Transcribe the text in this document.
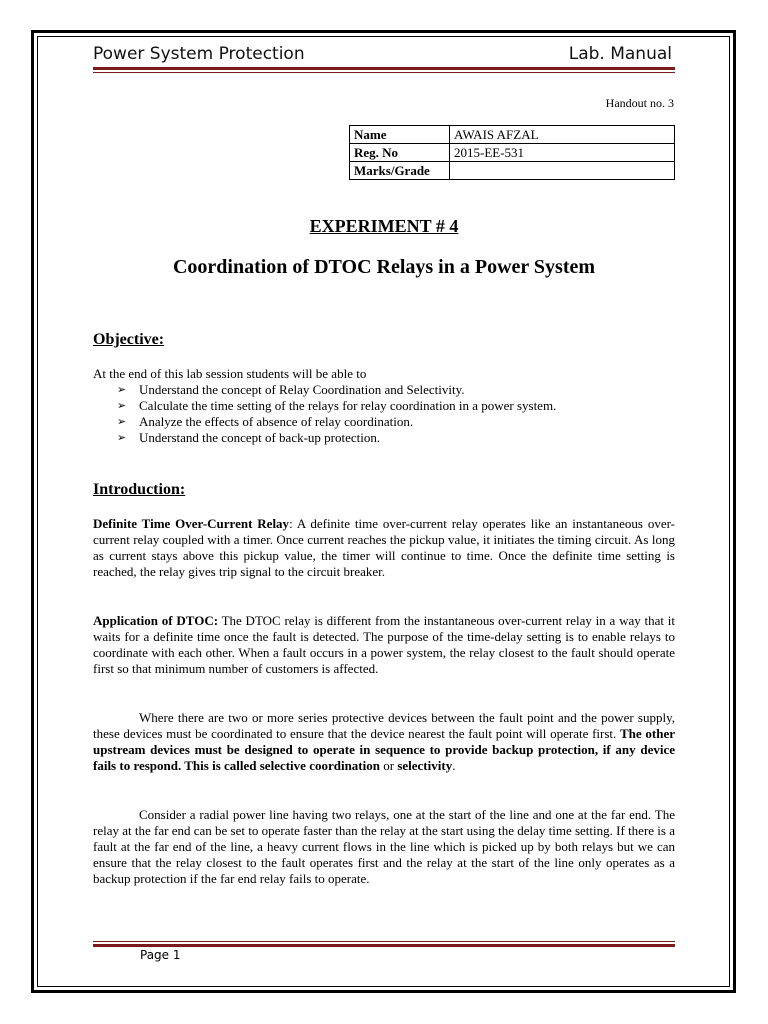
Power System Protection	Lab. Manual
Handout no. 3
Name	AWAIS AFZAL
Reg. No	2015-EE-531
Marks/Grade	
EXPERIMENT # 4
Coordination of DTOC Relays in a Power System
Objective:
At the end of this lab session students will be able to
➢ Understand the concept of Relay Coordination and Selectivity.
➢ Calculate the time setting of the relays for relay coordination in a power system.
➢ Analyze the effects of absence of relay coordination.
➢ Understand the concept of back-up protection.
Introduction:
Definite Time Over-Current Relay: A definite time over-current relay operates like an instantaneous over-current relay coupled with a timer. Once current reaches the pickup value, it initiates the timing circuit. As long as current stays above this pickup value, the timer will continue to time. Once the definite time setting is reached, the relay gives trip signal to the circuit breaker.
Application of DTOC: The DTOC relay is different from the instantaneous over-current relay in a way that it waits for a definite time once the fault is detected. The purpose of the time-delay setting is to enable relays to coordinate with each other. When a fault occurs in a power system, the relay closest to the fault should operate first so that minimum number of customers is affected.
Where there are two or more series protective devices between the fault point and the power supply, these devices must be coordinated to ensure that the device nearest the fault point will operate first. The other upstream devices must be designed to operate in sequence to provide backup protection, if any device fails to respond. This is called selective coordination or selectivity.
Consider a radial power line having two relays, one at the start of the line and one at the far end. The relay at the far end can be set to operate faster than the relay at the start using the delay time setting. If there is a fault at the far end of the line, a heavy current flows in the line which is picked up by both relays but we can ensure that the relay closest to the fault operates first and the relay at the start of the line only operates as a backup protection if the far end relay fails to operate.
Page 1
